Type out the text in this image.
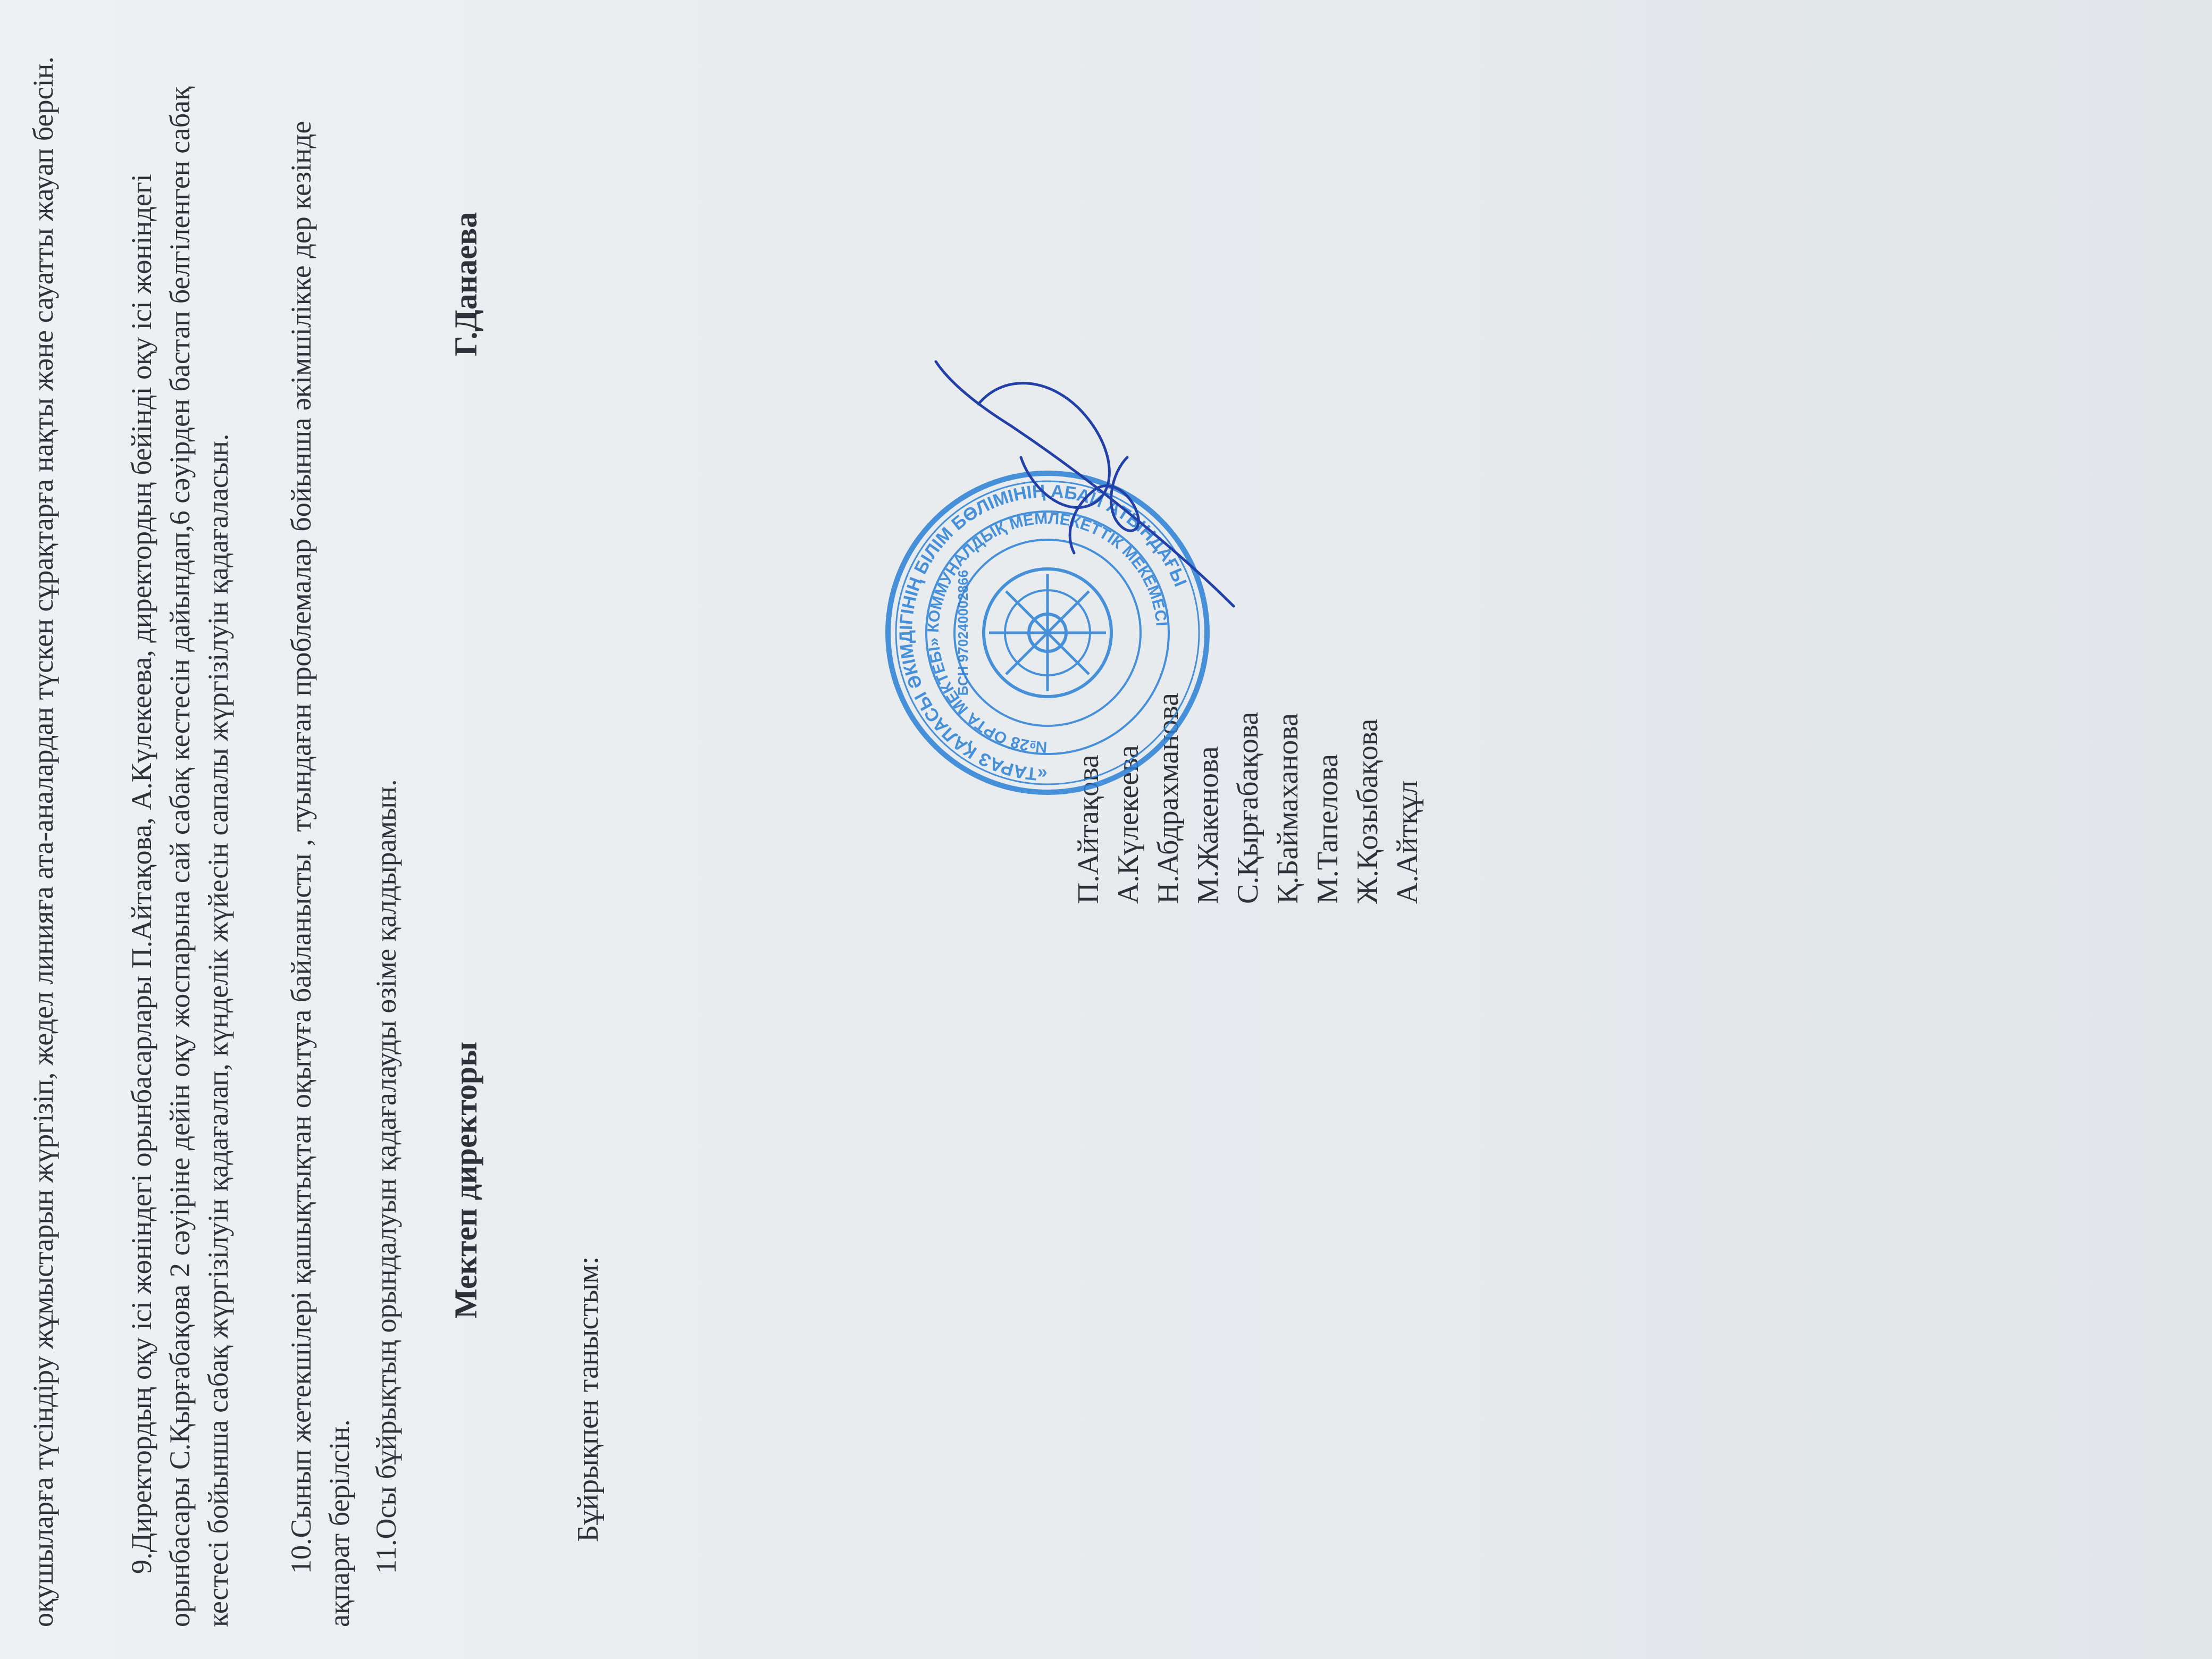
оқушыларға түсіндіру жұмыстарын жүргізіп, жедел линияға ата-аналардан түскен сұрақтарға нақты және сауатты жауап берсін. 9.Директордың оқу ісі жөніндегі орынбасарлары П.Айтақова, А.Күлекеева, директордың бейінді оқу ісі жөніндегі орынбасары С.Қырғабақова 2 сәуіріне дейін оқу жоспарына сай сабақ кестесін дайындап,6 сәуірден бастап белгіленген сабақ кестесі бойынша сабақ жүргізілуін қадағалап, күнделік жүйесін сапалы жүргізілуін қадағаласын. 10.Сынып жетекшілері қашықтықтан оқытуға байланысты , туындаған проблемалар бойынша әкімшілікке дер кезінде ақпарат берілсін. 11.Осы бұйрықтың орындалуын қадағалауды өзіме қалдырамын. Мектеп директоры

Г.Данаева

Бұйрықпен таныстым:

П.Айтақова А.Күлекеева Н.Абдрахманова М.Жакенова С.Қырғабақова Қ.Баймаханова М.Тапелова Ж.Қозыбақова А.Айтқұл
«ТАРАЗ ҚАЛАСЫ ӘКІМДІГІНІҢ БІЛІМ БӨЛІМІНІҢ АБАЙ АТЫНДАҒЫ
№28 ОРТА МЕКТЕБІ» КОММУНАЛДЫҚ МЕМЛЕКЕТТІК МЕКЕМЕСІ
БСН 970240002866
